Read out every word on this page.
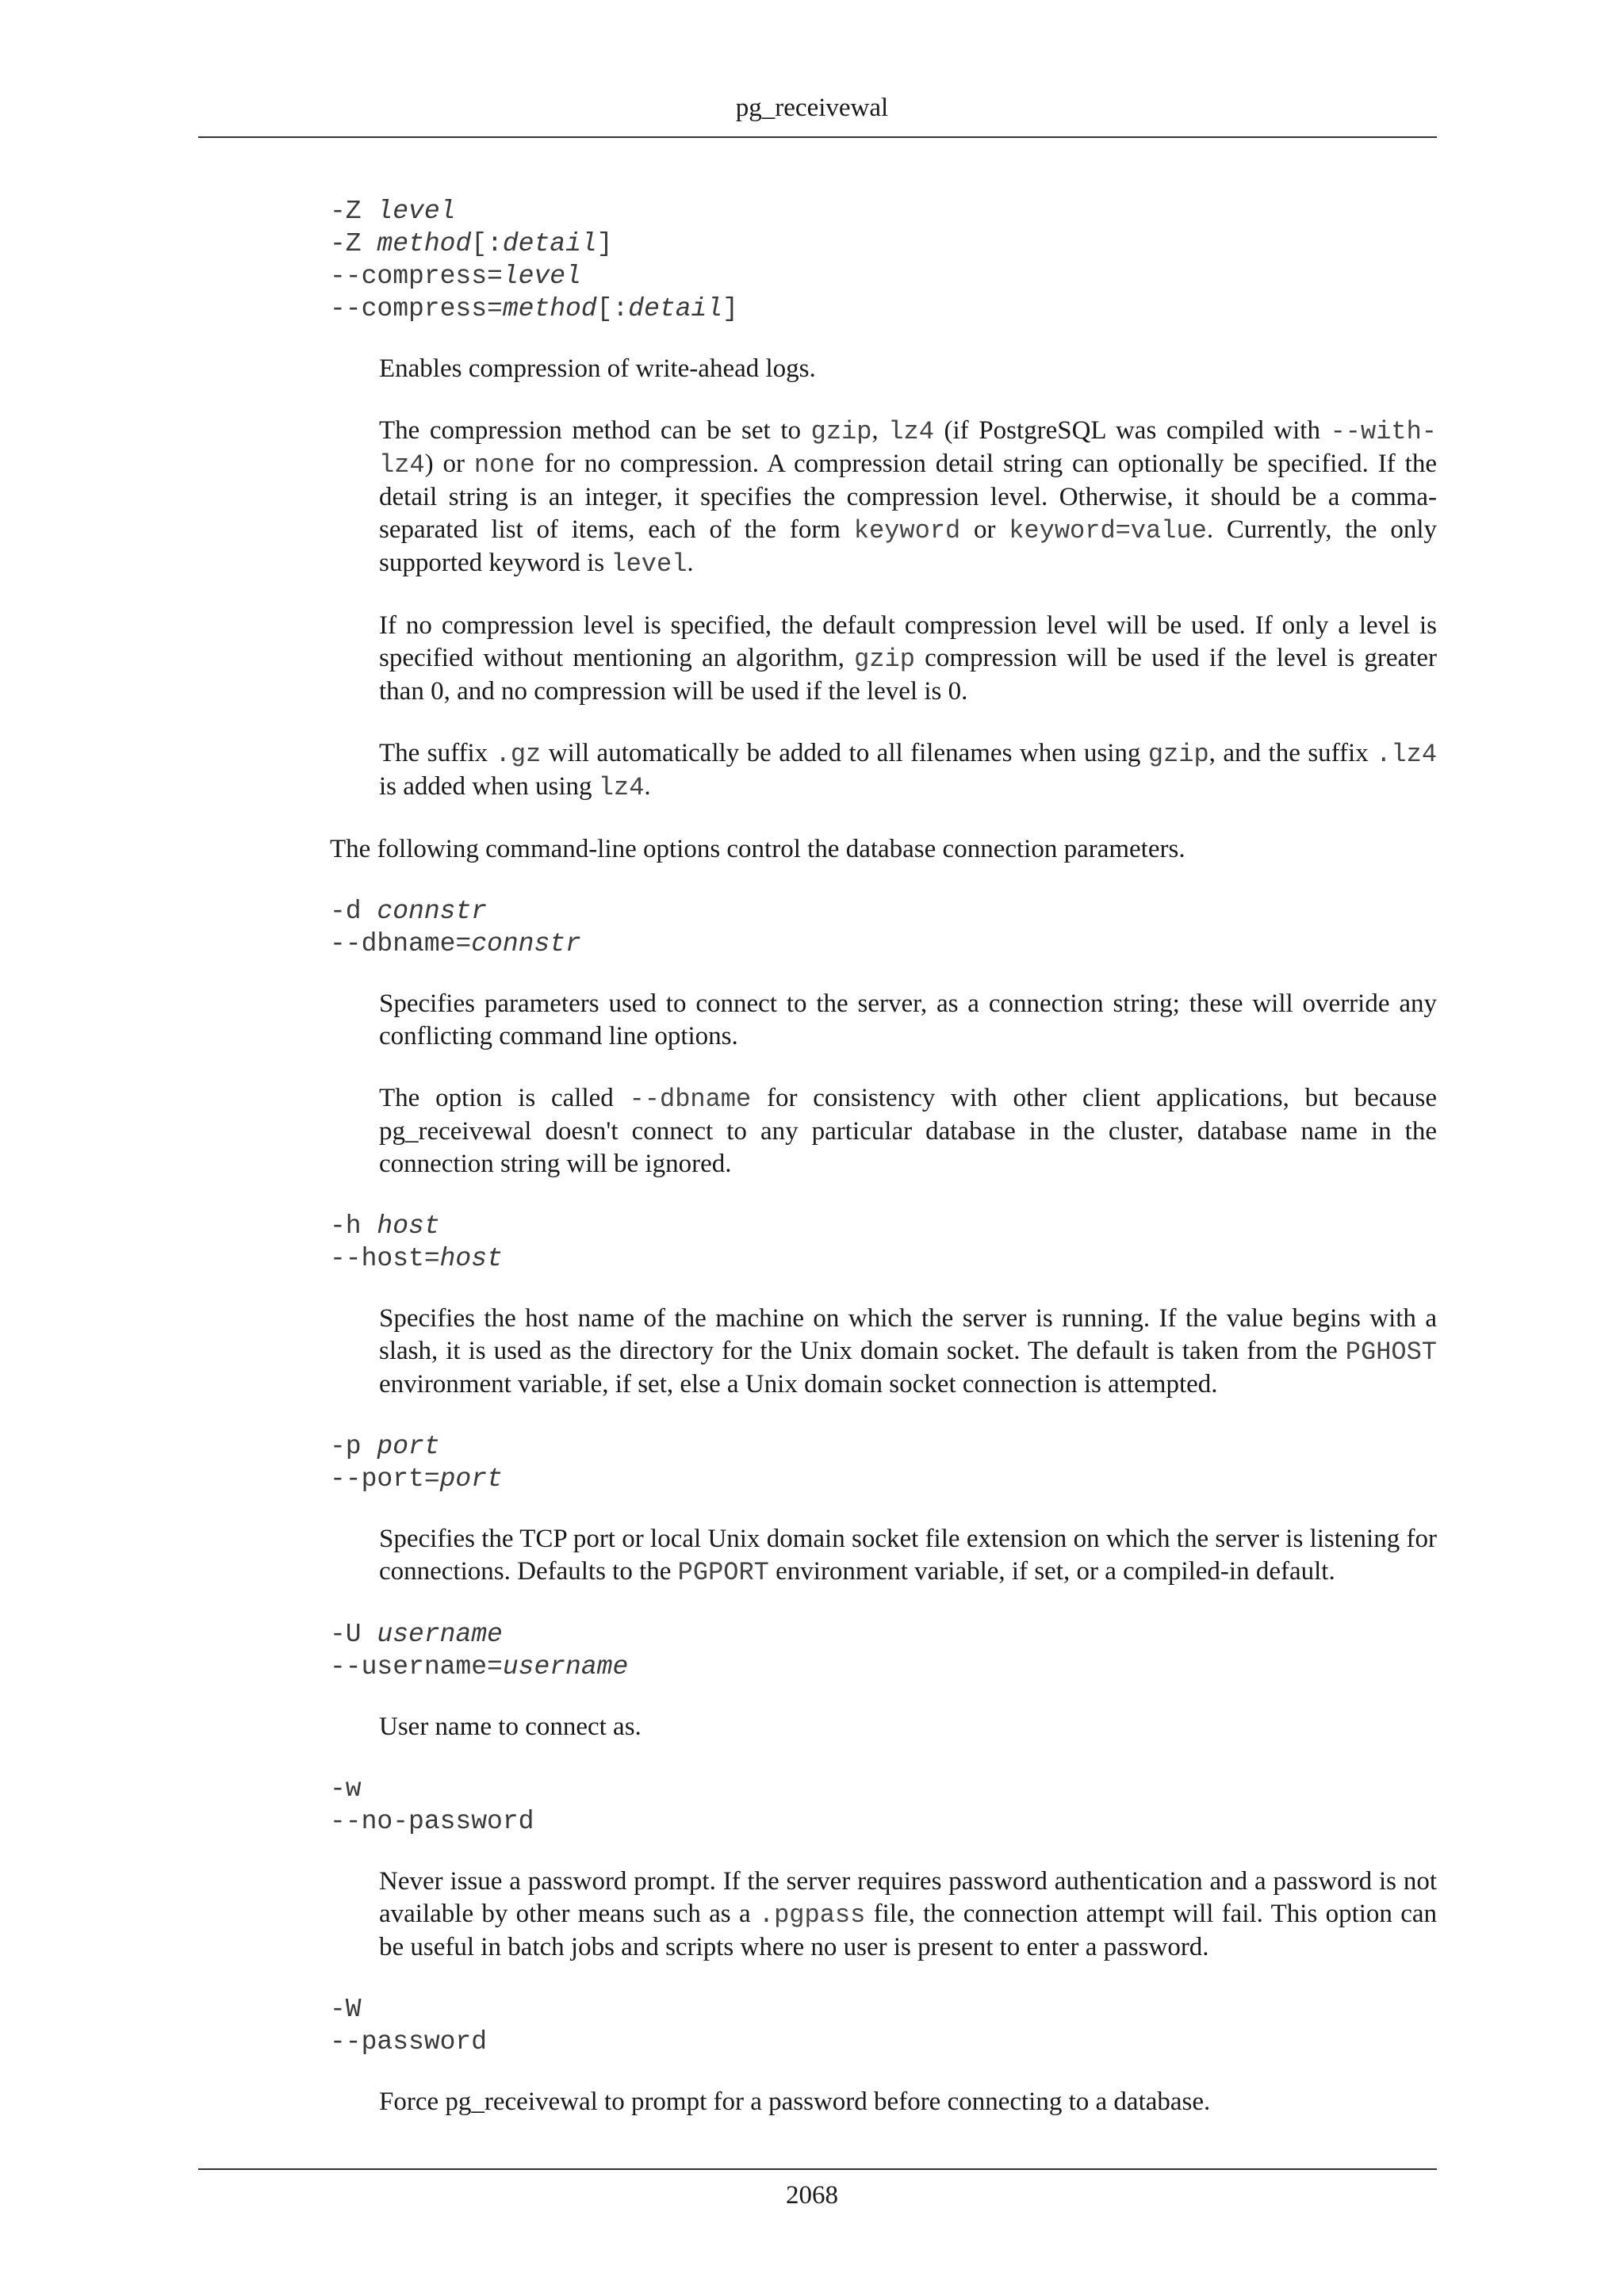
pg_receivewal
-Z level
-Z method[:detail]
--compress=level
--compress=method[:detail]

Enables compression of write-ahead logs.

The compression method can be set to gzip, lz4 (if PostgreSQL was compiled with --with-lz4) or none for no compression. A compression detail string can optionally be specified. If the detail string is an integer, it specifies the compression level. Otherwise, it should be a comma-separated list of items, each of the form keyword or keyword=value. Currently, the only supported keyword is level.

If no compression level is specified, the default compression level will be used. If only a level is specified without mentioning an algorithm, gzip compression will be used if the level is greater than 0, and no compression will be used if the level is 0.

The suffix .gz will automatically be added to all filenames when using gzip, and the suffix .lz4 is added when using lz4.

The following command-line options control the database connection parameters.

-d connstr
--dbname=connstr

Specifies parameters used to connect to the server, as a connection string; these will override any conflicting command line options.

The option is called --dbname for consistency with other client applications, but because pg_receivewal doesn't connect to any particular database in the cluster, database name in the connection string will be ignored.

-h host
--host=host

Specifies the host name of the machine on which the server is running. If the value begins with a slash, it is used as the directory for the Unix domain socket. The default is taken from the PGHOST environment variable, if set, else a Unix domain socket connection is attempted.

-p port
--port=port

Specifies the TCP port or local Unix domain socket file extension on which the server is listening for connections. Defaults to the PGPORT environment variable, if set, or a compiled-in default.

-U username
--username=username

User name to connect as.

-w
--no-password

Never issue a password prompt. If the server requires password authentication and a password is not available by other means such as a .pgpass file, the connection attempt will fail. This option can be useful in batch jobs and scripts where no user is present to enter a password.

-W
--password

Force pg_receivewal to prompt for a password before connecting to a database.

2068
